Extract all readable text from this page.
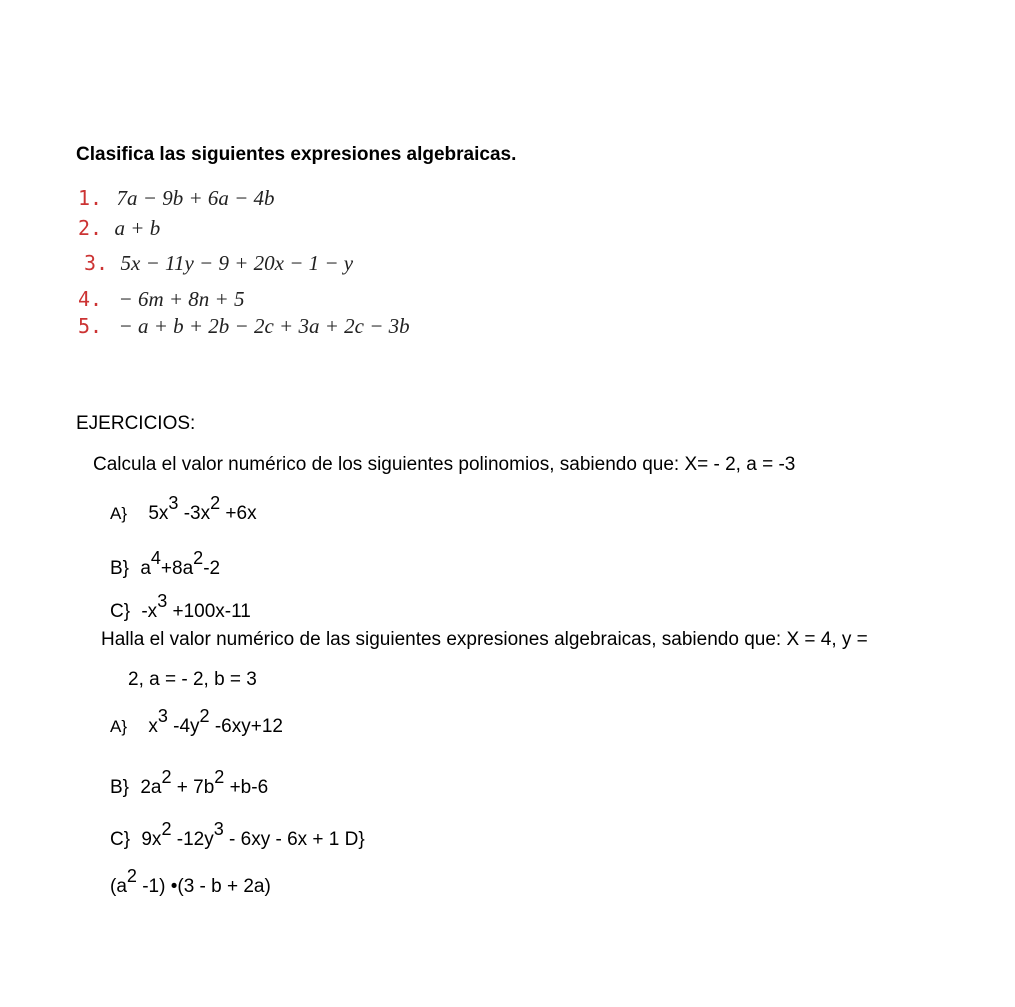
Clasifica las siguientes expresiones algebraicas.
1. 7a − 9b + 6a − 4b
2. a + b
3. 5x − 11y − 9 + 20x − 1 − y
4. − 6m + 8n + 5
5. − a + b + 2b − 2c + 3a + 2c − 3b
EJERCICIOS:
Calcula el valor numérico de los siguientes polinomios, sabiendo que: X= - 2, a = -3
A} $5x^3$ $-3x^2 +6x$
B} $a^4+8a^2-2$
C} $-x^3 +100x-11$
Halla el valor numérico de las siguientes expresiones algebraicas, sabiendo que: X = 4, y =
2, a = - 2, b = 3
A} $x^3$ $-4y^2$ -6xy+12
B} $2a^2 + 7b^2 +b-6$
C} $9x^2$ $-12y^3 - 6xy - 6x + 1$ D}
($a^2$ -1) •(3 - b + 2a)
